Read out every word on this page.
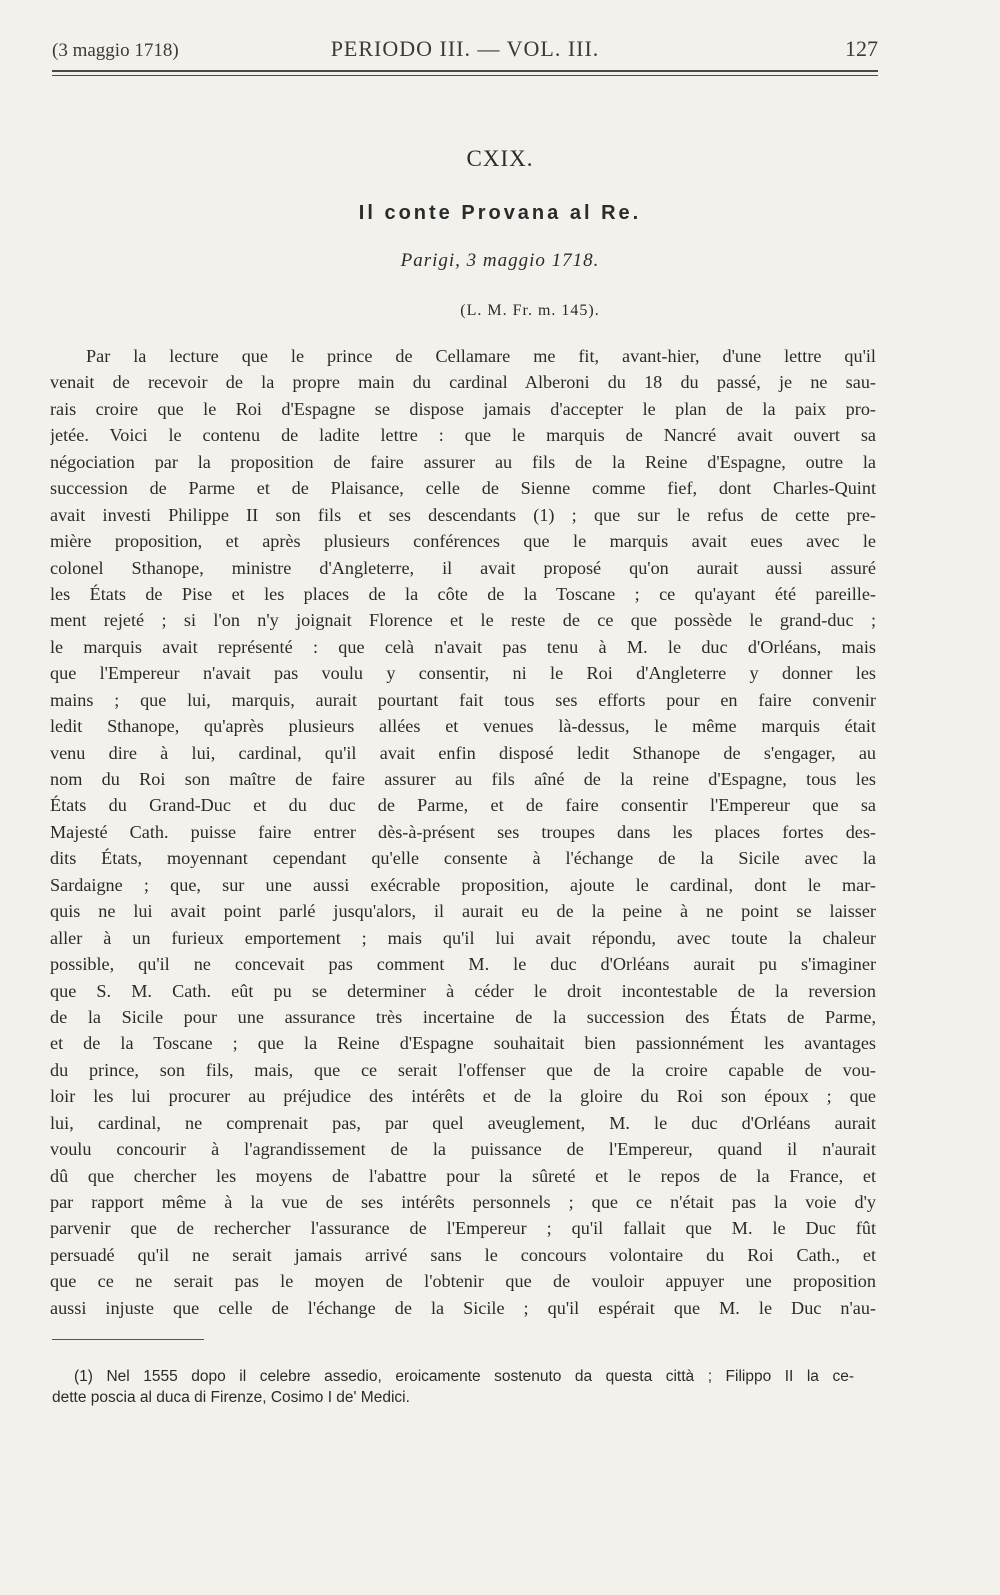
(3 maggio 1718)	PERIODO III. — VOL. III.	127
CXIX.
Il conte Provana al Re.
Parigi, 3 maggio 1718.
(L. M. Fr. m. 145).
Par la lecture que le prince de Cellamare me fit, avant-hier, d'une lettre qu'il
venait de recevoir de la propre main du cardinal Alberoni du 18 du passé, je ne sau-
rais croire que le Roi d'Espagne se dispose jamais d'accepter le plan de la paix pro-
jetée. Voici le contenu de ladite lettre : que le marquis de Nancré avait ouvert sa
négociation par la proposition de faire assurer au fils de la Reine d'Espagne, outre la
succession de Parme et de Plaisance, celle de Sienne comme fief, dont Charles-Quint
avait investi Philippe II son fils et ses descendants (1) ; que sur le refus de cette pre-
mière proposition, et après plusieurs conférences que le marquis avait eues avec le
colonel Sthanope, ministre d'Angleterre, il avait proposé qu'on aurait aussi assuré
les États de Pise et les places de la côte de la Toscane ; ce qu'ayant été pareille-
ment rejeté ; si l'on n'y joignait Florence et le reste de ce que possède le grand-duc ;
le marquis avait représenté : que celà n'avait pas tenu à M. le duc d'Orléans, mais
que l'Empereur n'avait pas voulu y consentir, ni le Roi d'Angleterre y donner les
mains ; que lui, marquis, aurait pourtant fait tous ses efforts pour en faire convenir
ledit Sthanope, qu'après plusieurs allées et venues là-dessus, le même marquis était
venu dire à lui, cardinal, qu'il avait enfin disposé ledit Sthanope de s'engager, au
nom du Roi son maître de faire assurer au fils aîné de la reine d'Espagne, tous les
États du Grand-Duc et du duc de Parme, et de faire consentir l'Empereur que sa
Majesté Cath. puisse faire entrer dès-à-présent ses troupes dans les places fortes des-
dits États, moyennant cependant qu'elle consente à l'échange de la Sicile avec la
Sardaigne ; que, sur une aussi exécrable proposition, ajoute le cardinal, dont le mar-
quis ne lui avait point parlé jusqu'alors, il aurait eu de la peine à ne point se laisser
aller à un furieux emportement ; mais qu'il lui avait répondu, avec toute la chaleur
possible, qu'il ne concevait pas comment M. le duc d'Orléans aurait pu s'imaginer
que S. M. Cath. eût pu se determiner à céder le droit incontestable de la reversion
de la Sicile pour une assurance très incertaine de la succession des États de Parme,
et de la Toscane ; que la Reine d'Espagne souhaitait bien passionnément les avantages
du prince, son fils, mais, que ce serait l'offenser que de la croire capable de vou-
loir les lui procurer au préjudice des intérêts et de la gloire du Roi son époux ; que
lui, cardinal, ne comprenait pas, par quel aveuglement, M. le duc d'Orléans aurait
voulu concourir à l'agrandissement de la puissance de l'Empereur, quand il n'aurait
dû que chercher les moyens de l'abattre pour la sûreté et le repos de la France, et
par rapport même à la vue de ses intérêts personnels ; que ce n'était pas la voie d'y
parvenir que de rechercher l'assurance de l'Empereur ; qu'il fallait que M. le Duc fût
persuadé qu'il ne serait jamais arrivé sans le concours volontaire du Roi Cath., et
que ce ne serait pas le moyen de l'obtenir que de vouloir appuyer une proposition
aussi injuste que celle de l'échange de la Sicile ; qu'il espérait que M. le Duc n'au-
(1) Nel 1555 dopo il celebre assedio, eroicamente sostenuto da questa città ; Filippo II la ce-
dette poscia al duca di Firenze, Cosimo I de' Medici.
